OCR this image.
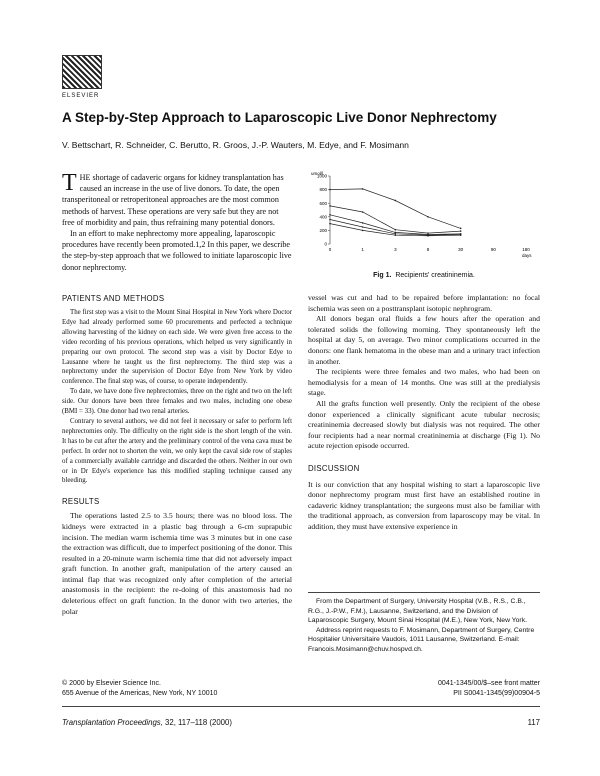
ELSEVIER
A Step-by-Step Approach to Laparoscopic Live Donor Nephrectomy
V. Bettschart, R. Schneider, C. Berutto, R. Groos, J.-P. Wauters, M. Edye, and F. Mosimann

THE shortage of cadaveric organs for kidney transplantation has caused an increase in the use of live donors. To date, the open transperitoneal or retroperitoneal approaches are the most common methods of harvest. These operations are very safe but they are not free of morbidity and pain, thus refraining many potential donors.

In an effort to make nephrectomy more appealing, laparoscopic procedures have recently been promoted.1,2 In this paper, we describe the step-by-step approach that we followed to initiate laparoscopic live donor nephrectomy.

umol/l
days
1000
800
600
400
200
0
0	1	3	8	30	90	180
Fig 1. Recipients' creatininemia.
PATIENTS AND METHODS

The first step was a visit to the Mount Sinai Hospital in New York where Doctor Edye had already performed some 60 procurements and perfected a technique allowing harvesting of the kidney on each side. We were given free access to the video recording of his previous operations, which helped us very significantly in preparing our own protocol. The second step was a visit by Doctor Edye to Lausanne where he taught us the first nephrectomy. The third step was a nephrectomy under the supervision of Doctor Edye from New York by video conference. The final step was, of course, to operate independently.

To date, we have done five nephrectomies, three on the right and two on the left side. Our donors have been three females and two males, including one obese (BMI = 33). One donor had two renal arteries.

Contrary to several authors, we did not feel it necessary or safer to perform left nephrectomies only. The difficulty on the right side is the short length of the vein. It has to be cut after the artery and the preliminary control of the vena cava must be perfect. In order not to shorten the vein, we only kept the caval side row of staples of a commercially available cartridge and discarded the others. Neither in our own or in Dr Edye's experience has this modified stapling technique caused any bleeding.

RESULTS

The operations lasted 2.5 to 3.5 hours; there was no blood loss. The kidneys were extracted in a plastic bag through a 6-cm suprapubic incision. The median warm ischemia time was 3 minutes but in one case the extraction was difficult, due to imperfect positioning of the donor. This resulted in a 20-minute warm ischemia time that did not adversely impact graft function. In another graft, manipulation of the artery caused an intimal flap that was recognized only after completion of the arterial anastomosis in the recipient: the re-doing of this anastomosis had no deleterious effect on graft function. In the donor with two arteries, the polar

vessel was cut and had to be repaired before implantation: no focal ischemia was seen on a posttransplant isotopic nephrogram.

All donors began oral fluids a few hours after the operation and tolerated solids the following morning. They spontaneously left the hospital at day 5, on average. Two minor complications occurred in the donors: one flank hematoma in the obese man and a urinary tract infection in another.

The recipients were three females and two males, who had been on hemodialysis for a mean of 14 months. One was still at the predialysis stage.

All the grafts function well presently. Only the recipient of the obese donor experienced a clinically significant acute tubular necrosis; creatininemia decreased slowly but dialysis was not required. The other four recipients had a near normal creatininemia at discharge (Fig 1). No acute rejection episode occurred.

DISCUSSION

It is our conviction that any hospital wishing to start a laparoscopic live donor nephrectomy program must first have an established routine in cadaveric kidney transplantation; the surgeons must also be familiar with the traditional approach, as conversion from laparoscopy may be vital. In addition, they must have extensive experience in

From the Department of Surgery, University Hospital (V.B., R.S., C.B., R.G., J.-P.W., F.M.), Lausanne, Switzerland, and the Division of Laparoscopic Surgery, Mount Sinai Hospital (M.E.), New York, New York.

Address reprint requests to F. Mosimann, Department of Surgery, Centre Hospitalier Universitaire Vaudois, 1011 Lausanne, Switzerland. E-mail: Francois.Mosimann@chuv.hospvd.ch.

© 2000 by Elsevier Science Inc.
655 Avenue of the Americas, New York, NY 10010
0041-1345/00/$–see front matter
PII S0041-1345(99)00904-5
Transplantation Proceedings, 32, 117–118 (2000)	117
